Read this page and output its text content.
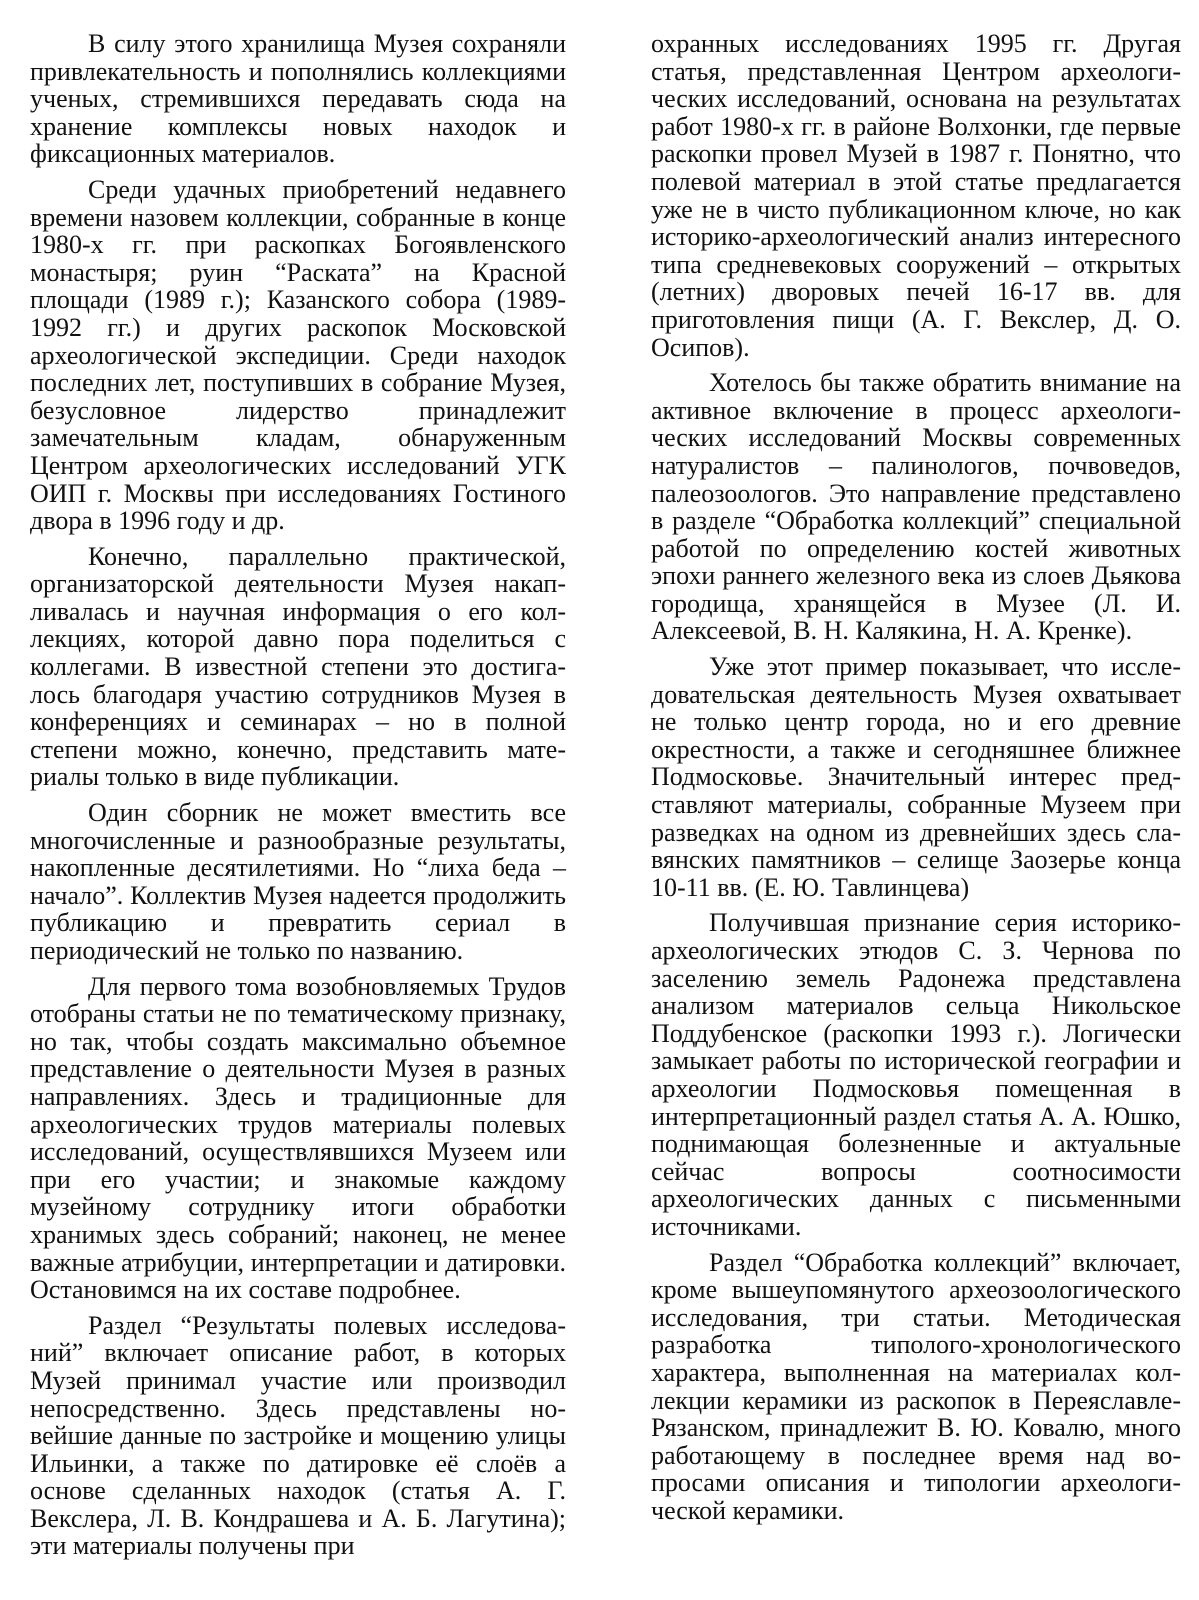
В силу этого хранилища Музея сохраняли привлекательность и пополнялись коллекциями ученых, стремившихся передавать сюда на хранение комплексы новых находок и фиксационных материалов.

Среди удачных приобретений недавнего времени назовем коллекции, собранные в конце 1980-х гг. при раскопках Богоявленского монастыря; руин “Раската” на Красной площади (1989 г.); Казанского собора (1989-1992 гг.) и других раскопок Московской археологической экспедиции. Среди находок последних лет, поступивших в собрание Музея, безусловное лидерство принадлежит замечательным кладам, обнаруженным Центром археологических исследований УГК ОИП г. Москвы при исследованиях Гостиного двора в 1996 году и др.

Конечно, параллельно практической, организаторской деятельности Музея накапливалась и научная информация о его коллекциях, которой давно пора поделиться с коллегами. В известной степени это достигалось благодаря участию сотрудников Музея в конференциях и семинарах – но в полной степени можно, конечно, представить материалы только в виде публикации.

Один сборник не может вместить все многочисленные и разнообразные результаты, накопленные десятилетиями. Но “лиха беда – начало”. Коллектив Музея надеется продолжить публикацию и превратить сериал в периодический не только по названию.

Для первого тома возобновляемых Трудов отобраны статьи не по тематическому признаку, но так, чтобы создать максимально объемное представление о деятельности Музея в разных направлениях. Здесь и традиционные для археологических трудов материалы полевых исследований, осуществлявшихся Музеем или при его участии; и знакомые каждому музейному сотруднику итоги обработки хранимых здесь собраний; наконец, не менее важные атрибуции, интерпретации и датировки. Остановимся на их составе подробнее.

Раздел “Результаты полевых исследований” включает описание работ, в которых Музей принимал участие или производил непосредственно. Здесь представлены новейшие данные по застройке и мощению улицы Ильинки, а также по датировке её слоёв а основе сделанных находок (статья А. Г. Векслера, Л. В. Кондрашева и А. Б. Лагутина); эти материалы получены при

охранных исследованиях 1995 гг. Другая статья, представленная Центром археологических исследований, основана на результатах работ 1980-х гг. в районе Волхонки, где первые раскопки провел Музей в 1987 г. Понятно, что полевой материал в этой статье предлагается уже не в чисто публикационном ключе, но как историко-археологический анализ интересного типа средневековых сооружений – открытых (летних) дворовых печей 16-17 вв. для приготовления пищи (А. Г. Векслер, Д. О. Осипов).

Хотелось бы также обратить внимание на активное включение в процесс археологических исследований Москвы современных натуралистов – палинологов, почвоведов, палеозоологов. Это направление представлено в разделе “Обработка коллекций” специальной работой по определению костей животных эпохи раннего железного века из слоев Дьякова городища, хранящейся в Музее (Л. И. Алексеевой, В. Н. Калякина, Н. А. Кренке).

Уже этот пример показывает, что исследовательская деятельность Музея охватывает не только центр города, но и его древние окрестности, а также и сегодняшнее ближнее Подмосковье. Значительный интерес представляют материалы, собранные Музеем при разведках на одном из древнейших здесь славянских памятников – селище Заозерье конца 10-11 вв. (Е. Ю. Тавлинцева)

Получившая признание серия историко-археологических этюдов С. З. Чернова по заселению земель Радонежа представлена анализом материалов сельца Никольское Поддубенское (раскопки 1993 г.). Логически замыкает работы по исторической географии и археологии Подмосковья помещенная в интерпретационный раздел статья А. А. Юшко, поднимающая болезненные и актуальные сейчас вопросы соотносимости археологических данных с письменными источниками.

Раздел “Обработка коллекций” включает, кроме вышеупомянутого археозоологического исследования, три статьи. Методическая разработка типолого-хронологического характера, выполненная на материалах коллекции керамики из раскопок в Переяславле-Рязанском, принадлежит В. Ю. Ковалю, много работающему в последнее время над вопросами описания и типологии археологической керамики.
